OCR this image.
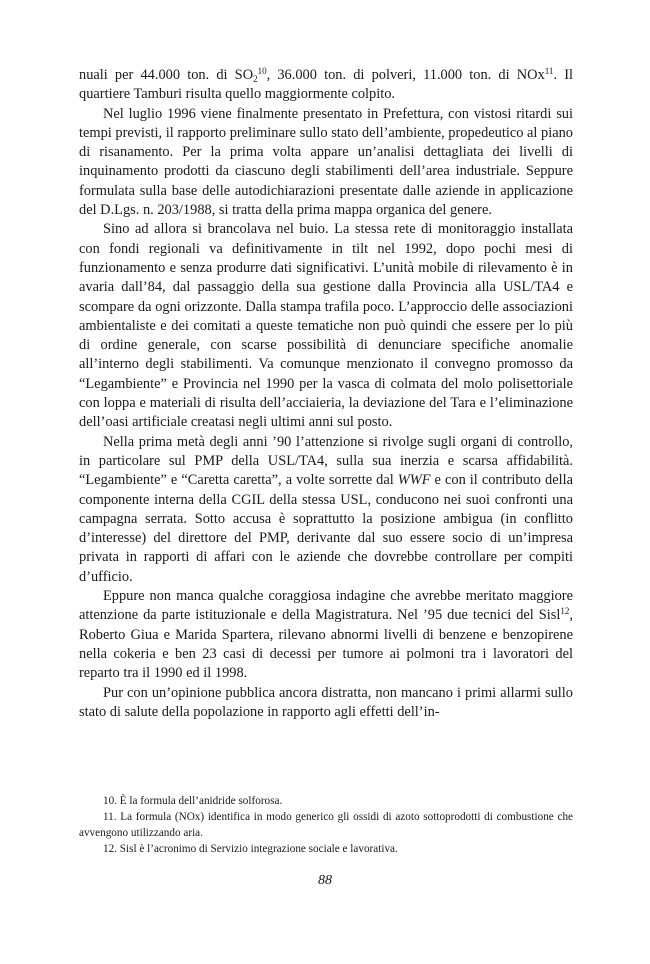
nuali per 44.000 ton. di $SO_2^{10}$, 36.000 ton. di polveri, 11.000 ton. di NOx$^{11}$. Il quartiere Tamburi risulta quello maggiormente colpito.

Nel luglio 1996 viene finalmente presentato in Prefettura, con vistosi ritardi sui tempi previsti, il rapporto preliminare sullo stato dell’ambiente, propedeutico al piano di risanamento. Per la prima volta appare un’analisi dettagliata dei livelli di inquinamento prodotti da ciascuno degli stabilimenti dell’area industriale. Seppure formulata sulla base delle autodichiarazioni presentate dalle aziende in applicazione del D.Lgs. n. 203/1988, si tratta della prima mappa organica del genere.

Sino ad allora si brancolava nel buio. La stessa rete di monitoraggio installata con fondi regionali va definitivamente in tilt nel 1992, dopo pochi mesi di funzionamento e senza produrre dati significativi. L’unità mobile di rilevamento è in avaria dall’84, dal passaggio della sua gestione dalla Provincia alla USL/TA4 e scompare da ogni orizzonte. Dalla stampa trafila poco. L’approccio delle associazioni ambientaliste e dei comitati a queste tematiche non può quindi che essere per lo più di ordine generale, con scarse possibilità di denunciare specifiche anomalie all’interno degli stabilimenti. Va comunque menzionato il convegno promosso da “Legambiente” e Provincia nel 1990 per la vasca di colmata del molo polisettoriale con loppa e materiali di risulta dell’acciaieria, la deviazione del Tara e l’eliminazione dell’oasi artificiale creatasi negli ultimi anni sul posto.

Nella prima metà degli anni ’90 l’attenzione si rivolge sugli organi di controllo, in particolare sul PMP della USL/TA4, sulla sua inerzia e scarsa affidabilità. “Legambiente” e “Caretta caretta”, a volte sorrette dal WWF e con il contributo della componente interna della CGIL della stessa USL, conducono nei suoi confronti una campagna serrata. Sotto accusa è soprattutto la posizione ambigua (in conflitto d’interesse) del direttore del PMP, derivante dal suo essere socio di un’impresa privata in rapporti di affari con le aziende che dovrebbe controllare per compiti d’ufficio.

Eppure non manca qualche coraggiosa indagine che avrebbe meritato maggiore attenzione da parte istituzionale e della Magistratura. Nel ’95 due tecnici del Sisl$^{12}$, Roberto Giua e Marida Spartera, rilevano abnormi livelli di benzene e benzopirene nella cokeria e ben 23 casi di decessi per tumore ai polmoni tra i lavoratori del reparto tra il 1990 ed il 1998.

Pur con un’opinione pubblica ancora distratta, non mancano i primi allarmi sullo stato di salute della popolazione in rapporto agli effetti dell’in-

10. È la formula dell’anidride solforosa.

11. La formula (NOx) identifica in modo generico gli ossidi di azoto sottoprodotti di combustione che avvengono utilizzando aria.

12. Sisl è l’acronimo di Servizio integrazione sociale e lavorativa.

88
